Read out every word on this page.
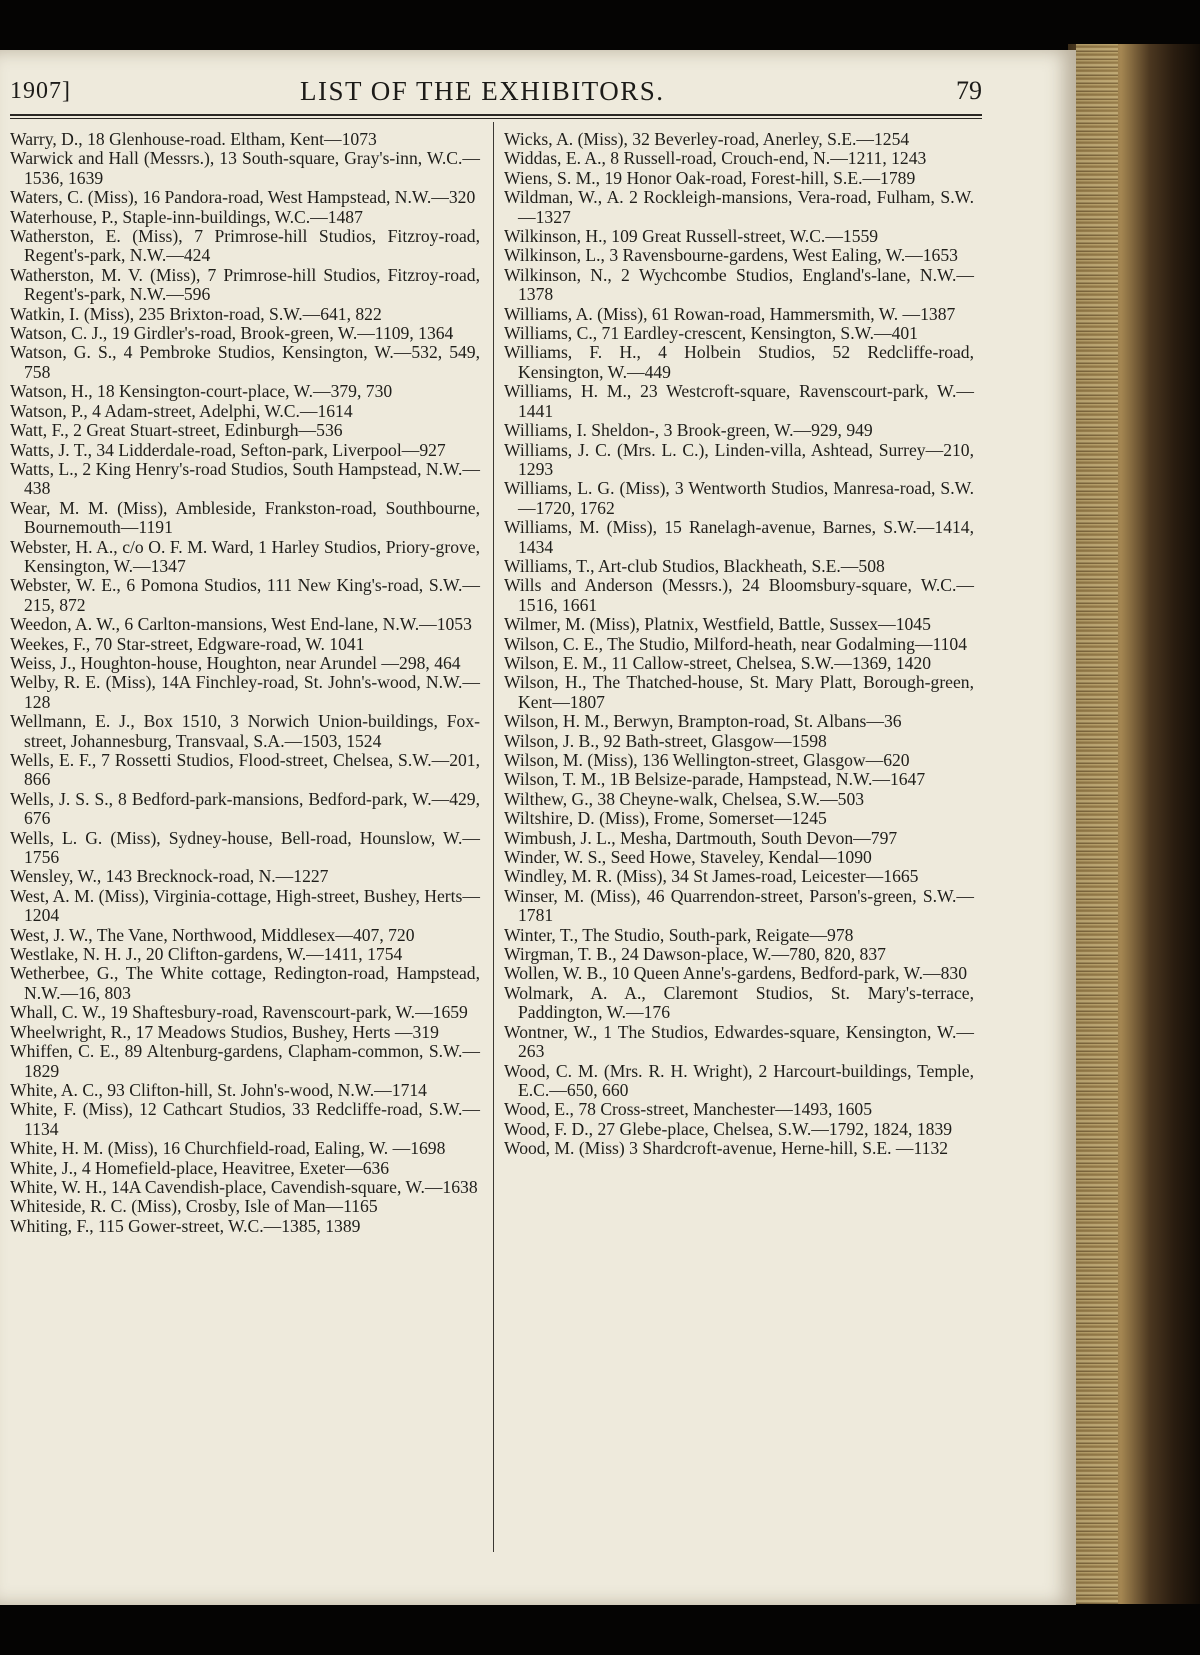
1907]	LIST OF THE EXHIBITORS.	79

Warry, D., 18 Glenhouse-road. Eltham, Kent—1073

Warwick and Hall (Messrs.), 13 South-square, Gray's-inn, W.C.—1536, 1639

Waters, C. (Miss), 16 Pandora-road, West Hampstead, N.W.—320

Waterhouse, P., Staple-inn-buildings, W.C.—1487

Watherston, E. (Miss), 7 Primrose-hill Studios, Fitzroy-road, Regent's-park, N.W.—424

Watherston, M. V. (Miss), 7 Primrose-hill Studios, Fitzroy-road, Regent's-park, N.W.—596

Watkin, I. (Miss), 235 Brixton-road, S.W.—641, 822

Watson, C. J., 19 Girdler's-road, Brook-green, W.—1109, 1364

Watson, G. S., 4 Pembroke Studios, Kensington, W.—532, 549, 758

Watson, H., 18 Kensington-court-place, W.—379, 730

Watson, P., 4 Adam-street, Adelphi, W.C.—1614

Watt, F., 2 Great Stuart-street, Edinburgh—536

Watts, J. T., 34 Lidderdale-road, Sefton-park, Liverpool—927

Watts, L., 2 King Henry's-road Studios, South Hampstead, N.W.—438

Wear, M. M. (Miss), Ambleside, Frankston-road, Southbourne, Bournemouth—1191

Webster, H. A., c/o O. F. M. Ward, 1 Harley Studios, Priory-grove, Kensington, W.—1347

Webster, W. E., 6 Pomona Studios, 111 New King's-road, S.W.—215, 872

Weedon, A. W., 6 Carlton-mansions, West End-lane, N.W.—1053

Weekes, F., 70 Star-street, Edgware-road, W. 1041

Weiss, J., Houghton-house, Houghton, near Arundel —298, 464

Welby, R. E. (Miss), 14A Finchley-road, St. John's-wood, N.W.—128

Wellmann, E. J., Box 1510, 3 Norwich Union-buildings, Fox-street, Johannesburg, Transvaal, S.A.—1503, 1524

Wells, E. F., 7 Rossetti Studios, Flood-street, Chelsea, S.W.—201, 866

Wells, J. S. S., 8 Bedford-park-mansions, Bedford-park, W.—429, 676

Wells, L. G. (Miss), Sydney-house, Bell-road, Hounslow, W.—1756

Wensley, W., 143 Brecknock-road, N.—1227

West, A. M. (Miss), Virginia-cottage, High-street, Bushey, Herts—1204

West, J. W., The Vane, Northwood, Middlesex—407, 720

Westlake, N. H. J., 20 Clifton-gardens, W.—1411, 1754

Wetherbee, G., The White cottage, Redington-road, Hampstead, N.W.—16, 803

Whall, C. W., 19 Shaftesbury-road, Ravenscourt-park, W.—1659

Wheelwright, R., 17 Meadows Studios, Bushey, Herts —319

Whiffen, C. E., 89 Altenburg-gardens, Clapham-common, S.W.—1829

White, A. C., 93 Clifton-hill, St. John's-wood, N.W.—1714

White, F. (Miss), 12 Cathcart Studios, 33 Redcliffe-road, S.W.—1134

White, H. M. (Miss), 16 Churchfield-road, Ealing, W. —1698

White, J., 4 Homefield-place, Heavitree, Exeter—636

White, W. H., 14A Cavendish-place, Cavendish-square, W.—1638

Whiteside, R. C. (Miss), Crosby, Isle of Man—1165

Whiting, F., 115 Gower-street, W.C.—1385, 1389

Wicks, A. (Miss), 32 Beverley-road, Anerley, S.E.—1254

Widdas, E. A., 8 Russell-road, Crouch-end, N.—1211, 1243

Wiens, S. M., 19 Honor Oak-road, Forest-hill, S.E.—1789

Wildman, W., A. 2 Rockleigh-mansions, Vera-road, Fulham, S.W.—1327

Wilkinson, H., 109 Great Russell-street, W.C.—1559

Wilkinson, L., 3 Ravensbourne-gardens, West Ealing, W.—1653

Wilkinson, N., 2 Wychcombe Studios, England's-lane, N.W.—1378

Williams, A. (Miss), 61 Rowan-road, Hammersmith, W. —1387

Williams, C., 71 Eardley-crescent, Kensington, S.W.—401

Williams, F. H., 4 Holbein Studios, 52 Redcliffe-road, Kensington, W.—449

Williams, H. M., 23 Westcroft-square, Ravenscourt-park, W.—1441

Williams, I. Sheldon-, 3 Brook-green, W.—929, 949

Williams, J. C. (Mrs. L. C.), Linden-villa, Ashtead, Surrey—210, 1293

Williams, L. G. (Miss), 3 Wentworth Studios, Manresa-road, S.W.—1720, 1762

Williams, M. (Miss), 15 Ranelagh-avenue, Barnes, S.W.—1414, 1434

Williams, T., Art-club Studios, Blackheath, S.E.—508

Wills and Anderson (Messrs.), 24 Bloomsbury-square, W.C.—1516, 1661

Wilmer, M. (Miss), Platnix, Westfield, Battle, Sussex—1045

Wilson, C. E., The Studio, Milford-heath, near Godalming—1104

Wilson, E. M., 11 Callow-street, Chelsea, S.W.—1369, 1420

Wilson, H., The Thatched-house, St. Mary Platt, Borough-green, Kent—1807

Wilson, H. M., Berwyn, Brampton-road, St. Albans—36

Wilson, J. B., 92 Bath-street, Glasgow—1598

Wilson, M. (Miss), 136 Wellington-street, Glasgow—620

Wilson, T. M., 1B Belsize-parade, Hampstead, N.W.—1647

Wilthew, G., 38 Cheyne-walk, Chelsea, S.W.—503

Wiltshire, D. (Miss), Frome, Somerset—1245

Wimbush, J. L., Mesha, Dartmouth, South Devon—797

Winder, W. S., Seed Howe, Staveley, Kendal—1090

Windley, M. R. (Miss), 34 St James-road, Leicester—1665

Winser, M. (Miss), 46 Quarrendon-street, Parson's-green, S.W.—1781

Winter, T., The Studio, South-park, Reigate—978

Wirgman, T. B., 24 Dawson-place, W.—780, 820, 837

Wollen, W. B., 10 Queen Anne's-gardens, Bedford-park, W.—830

Wolmark, A. A., Claremont Studios, St. Mary's-terrace, Paddington, W.—176

Wontner, W., 1 The Studios, Edwardes-square, Kensington, W.—263

Wood, C. M. (Mrs. R. H. Wright), 2 Harcourt-buildings, Temple, E.C.—650, 660

Wood, E., 78 Cross-street, Manchester—1493, 1605

Wood, F. D., 27 Glebe-place, Chelsea, S.W.—1792, 1824, 1839

Wood, M. (Miss) 3 Shardcroft-avenue, Herne-hill, S.E. —1132
